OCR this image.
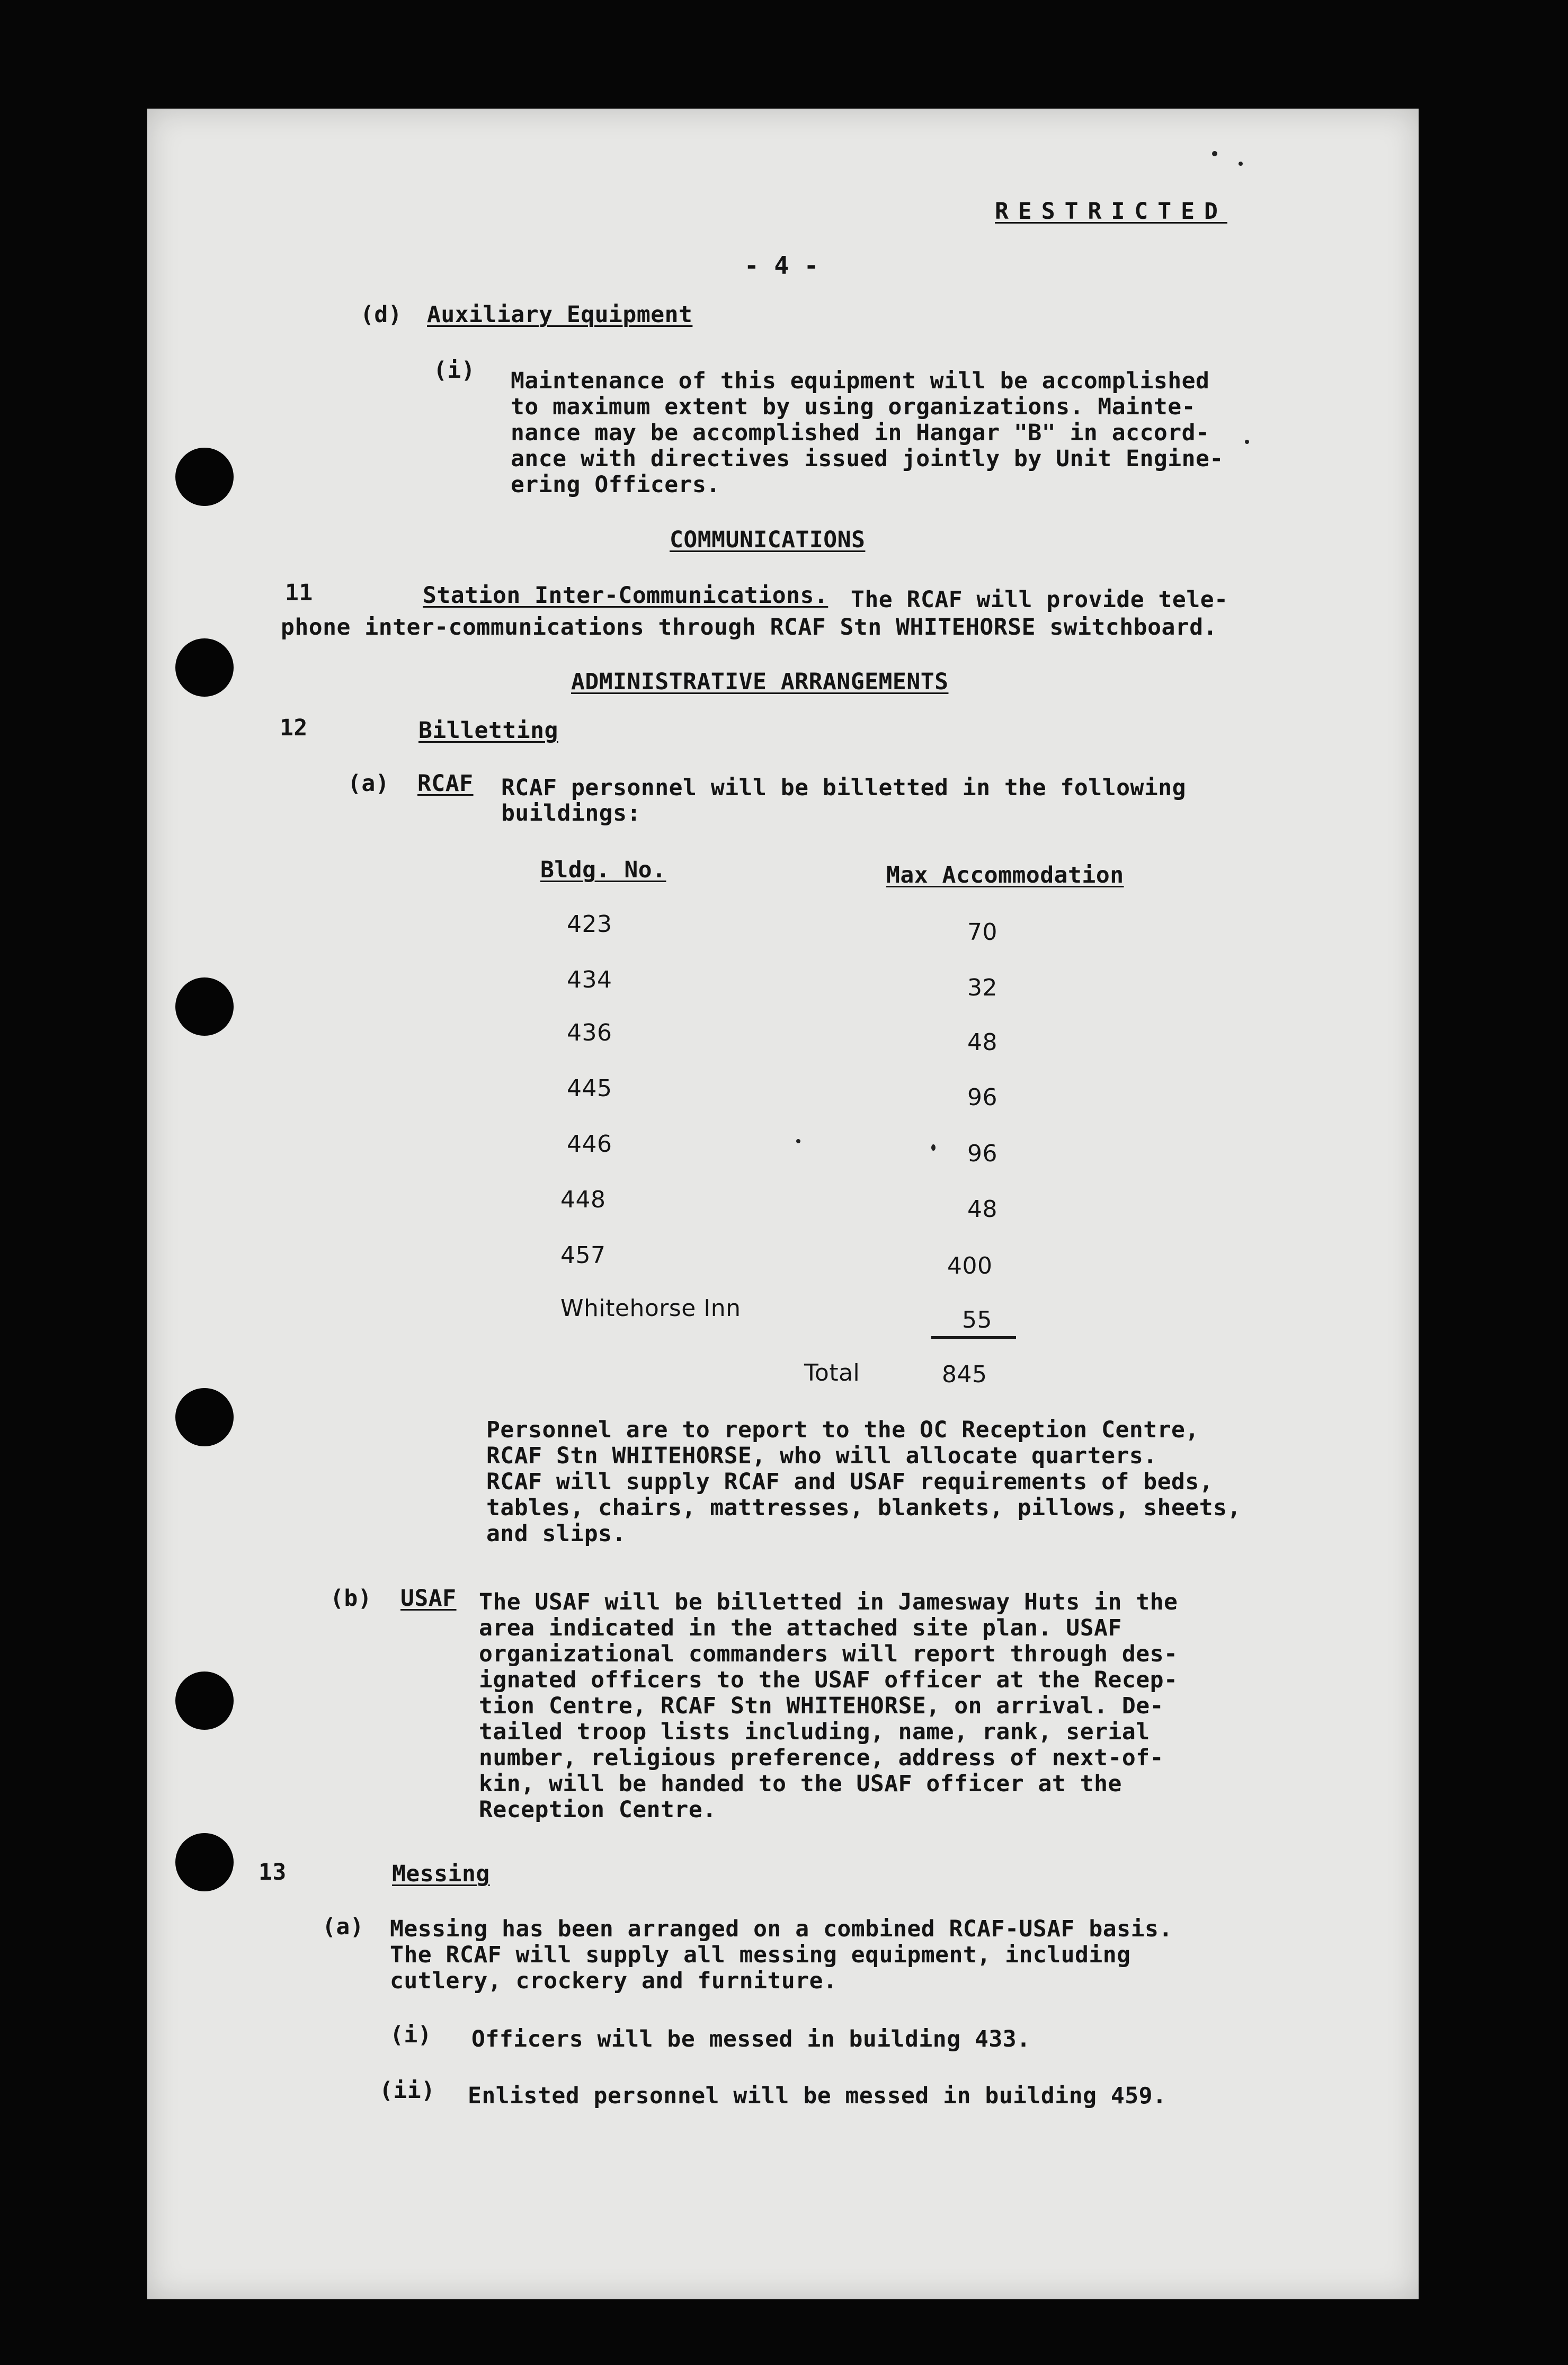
RESTRICTED
- 4 -
(d) Auxiliary Equipment
(i) Maintenance of this equipment will be accomplished
to maximum extent by using organizations. Mainte-
nance may be accomplished in Hangar "B" in accord-
ance with directives issued jointly by Unit Engine-
ering Officers.
COMMUNICATIONS
11	Station Inter-Communications. The RCAF will provide tele-
phone inter-communications through RCAF Stn WHITEHORSE switchboard.
ADMINISTRATIVE ARRANGEMENTS
12	Billetting
(a) RCAF RCAF personnel will be billetted in the following
buildings:
Bldg. No.	Max Accommodation
423	70
434	32
436	48
445	96
446	96
448	48
457	400
Whitehorse Inn	55
Total	845
Personnel are to report to the OC Reception Centre,
RCAF Stn WHITEHORSE, who will allocate quarters.
RCAF will supply RCAF and USAF requirements of beds,
tables, chairs, mattresses, blankets, pillows, sheets,
and slips.
(b) USAF The USAF will be billetted in Jamesway Huts in the
area indicated in the attached site plan. USAF
organizational commanders will report through des-
ignated officers to the USAF officer at the Recep-
tion Centre, RCAF Stn WHITEHORSE, on arrival. De-
tailed troop lists including, name, rank, serial
number, religious preference, address of next-of-
kin, will be handed to the USAF officer at the
Reception Centre.
13	Messing
(a) Messing has been arranged on a combined RCAF-USAF basis.
The RCAF will supply all messing equipment, including
cutlery, crockery and furniture.
(i) Officers will be messed in building 433.
(ii) Enlisted personnel will be messed in building 459.
